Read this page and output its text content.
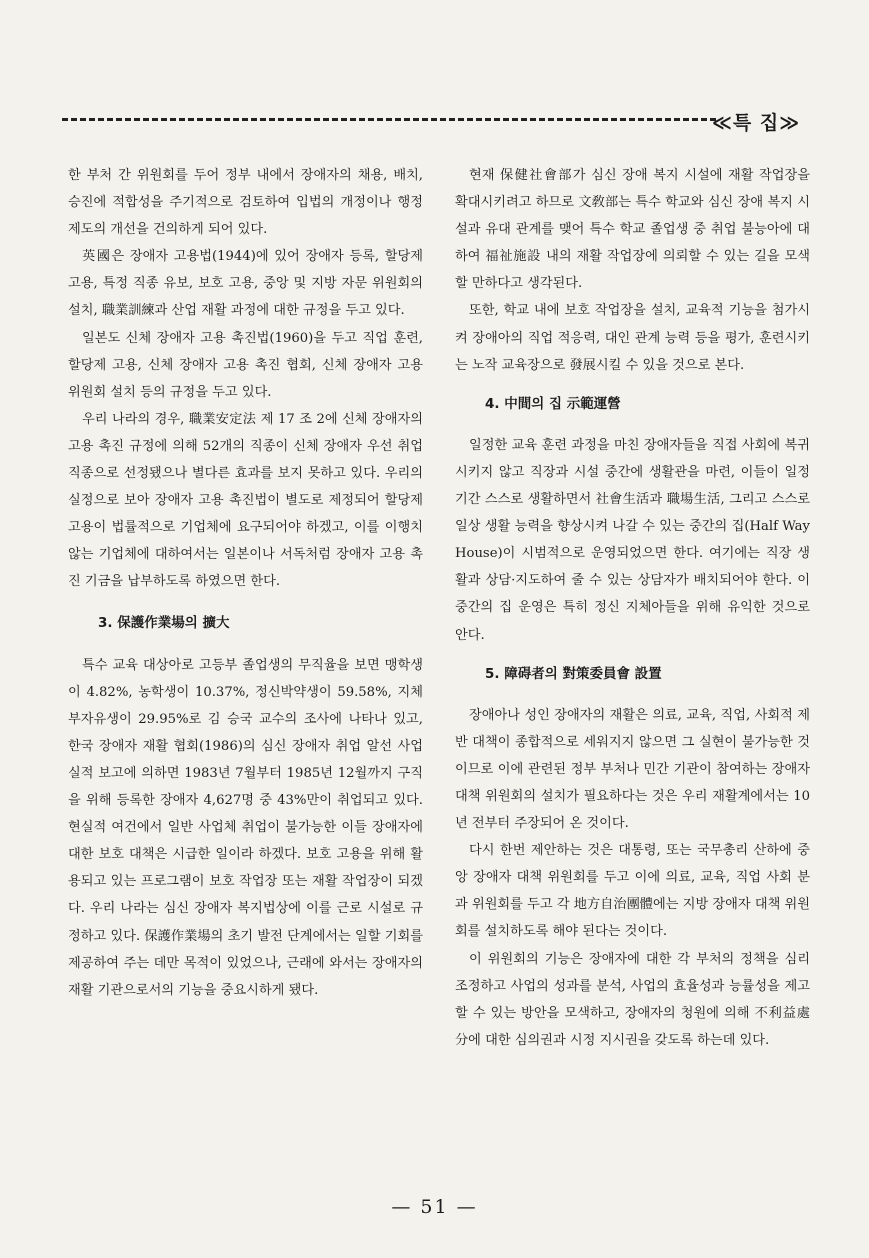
≪특 집≫

한 부처 간 위원회를 두어 정부 내에서 장애자의 채용, 배치, 승진에 적합성을 주기적으로 검토하여 입법의 개정이나 행정 제도의 개선을 건의하게 되어 있다.

英國은 장애자 고용법(1944)에 있어 장애자 등록, 할당제 고용, 특정 직종 유보, 보호 고용, 중앙 및 지방 자문 위원회의 설치, 職業訓練과 산업 재활 과정에 대한 규정을 두고 있다.

일본도 신체 장애자 고용 촉진법(1960)을 두고 직업 훈련, 할당제 고용, 신체 장애자 고용 촉진 협회, 신체 장애자 고용 위원회 설치 등의 규정을 두고 있다.

우리 나라의 경우, 職業安定法 제 17 조 2에 신체 장애자의 고용 촉진 규정에 의해 52개의 직종이 신체 장애자 우선 취업 직종으로 선정됐으나 별다른 효과를 보지 못하고 있다. 우리의 실정으로 보아 장애자 고용 촉진법이 별도로 제정되어 할당제 고용이 법률적으로 기업체에 요구되어야 하겠고, 이를 이행치 않는 기업체에 대하여서는 일본이나 서독처럼 장애자 고용 촉진 기금을 납부하도록 하였으면 한다.

3. 保護作業場의 擴大

특수 교육 대상아로 고등부 졸업생의 무직율을 보면 맹학생이 4.82%, 농학생이 10.37%, 정신박약생이 59.58%, 지체 부자유생이 29.95%로 김 승국 교수의 조사에 나타나 있고, 한국 장애자 재활 협회(1986)의 심신 장애자 취업 알선 사업 실적 보고에 의하면 1983년 7월부터 1985년 12월까지 구직을 위해 등록한 장애자 4,627명 중 43%만이 취업되고 있다. 현실적 여건에서 일반 사업체 취업이 불가능한 이들 장애자에 대한 보호 대책은 시급한 일이라 하겠다. 보호 고용을 위해 활용되고 있는 프로그램이 보호 작업장 또는 재활 작업장이 되겠다. 우리 나라는 심신 장애자 복지법상에 이를 근로 시설로 규정하고 있다. 保護作業場의 초기 발전 단계에서는 일할 기회를 제공하여 주는 데만 목적이 있었으나, 근래에 와서는 장애자의 재활 기관으로서의 기능을 중요시하게 됐다.

현재 保健社會部가 심신 장애 복지 시설에 재활 작업장을 확대시키려고 하므로 文敎部는 특수 학교와 심신 장애 복지 시설과 유대 관계를 맺어 특수 학교 졸업생 중 취업 불능아에 대하여 福祉施設 내의 재활 작업장에 의뢰할 수 있는 길을 모색할 만하다고 생각된다.

또한, 학교 내에 보호 작업장을 설치, 교육적 기능을 첨가시켜 장애아의 직업 적응력, 대인 관계 능력 등을 평가, 훈련시키는 노작 교육장으로 發展시킬 수 있을 것으로 본다.

4. 中間의 집 示範運營

일정한 교육 훈련 과정을 마친 장애자들을 직접 사회에 복귀시키지 않고 직장과 시설 중간에 생활관을 마련, 이들이 일정 기간 스스로 생활하면서 社會生活과 職場生活, 그리고 스스로 일상 생활 능력을 향상시켜 나갈 수 있는 중간의 집(Half Way House)이 시범적으로 운영되었으면 한다. 여기에는 직장 생활과 상담·지도하여 줄 수 있는 상담자가 배치되어야 한다. 이 중간의 집 운영은 특히 정신 지체아들을 위해 유익한 것으로 안다.

5. 障碍者의 對策委員會 設置

장애아나 성인 장애자의 재활은 의료, 교육, 직업, 사회적 제반 대책이 종합적으로 세워지지 않으면 그 실현이 불가능한 것이므로 이에 관련된 정부 부처나 민간 기관이 참여하는 장애자 대책 위원회의 설치가 필요하다는 것은 우리 재활계에서는 10년 전부터 주장되어 온 것이다.

다시 한번 제안하는 것은 대통령, 또는 국무총리 산하에 중앙 장애자 대책 위원회를 두고 이에 의료, 교육, 직업 사회 분과 위원회를 두고 각 地方自治團體에는 지방 장애자 대책 위원회를 설치하도록 해야 된다는 것이다.

이 위원회의 기능은 장애자에 대한 각 부처의 정책을 심리 조정하고 사업의 성과를 분석, 사업의 효율성과 능률성을 제고할 수 있는 방안을 모색하고, 장애자의 청원에 의해 不利益處分에 대한 심의권과 시정 지시권을 갖도록 하는데 있다.

— 51 —
